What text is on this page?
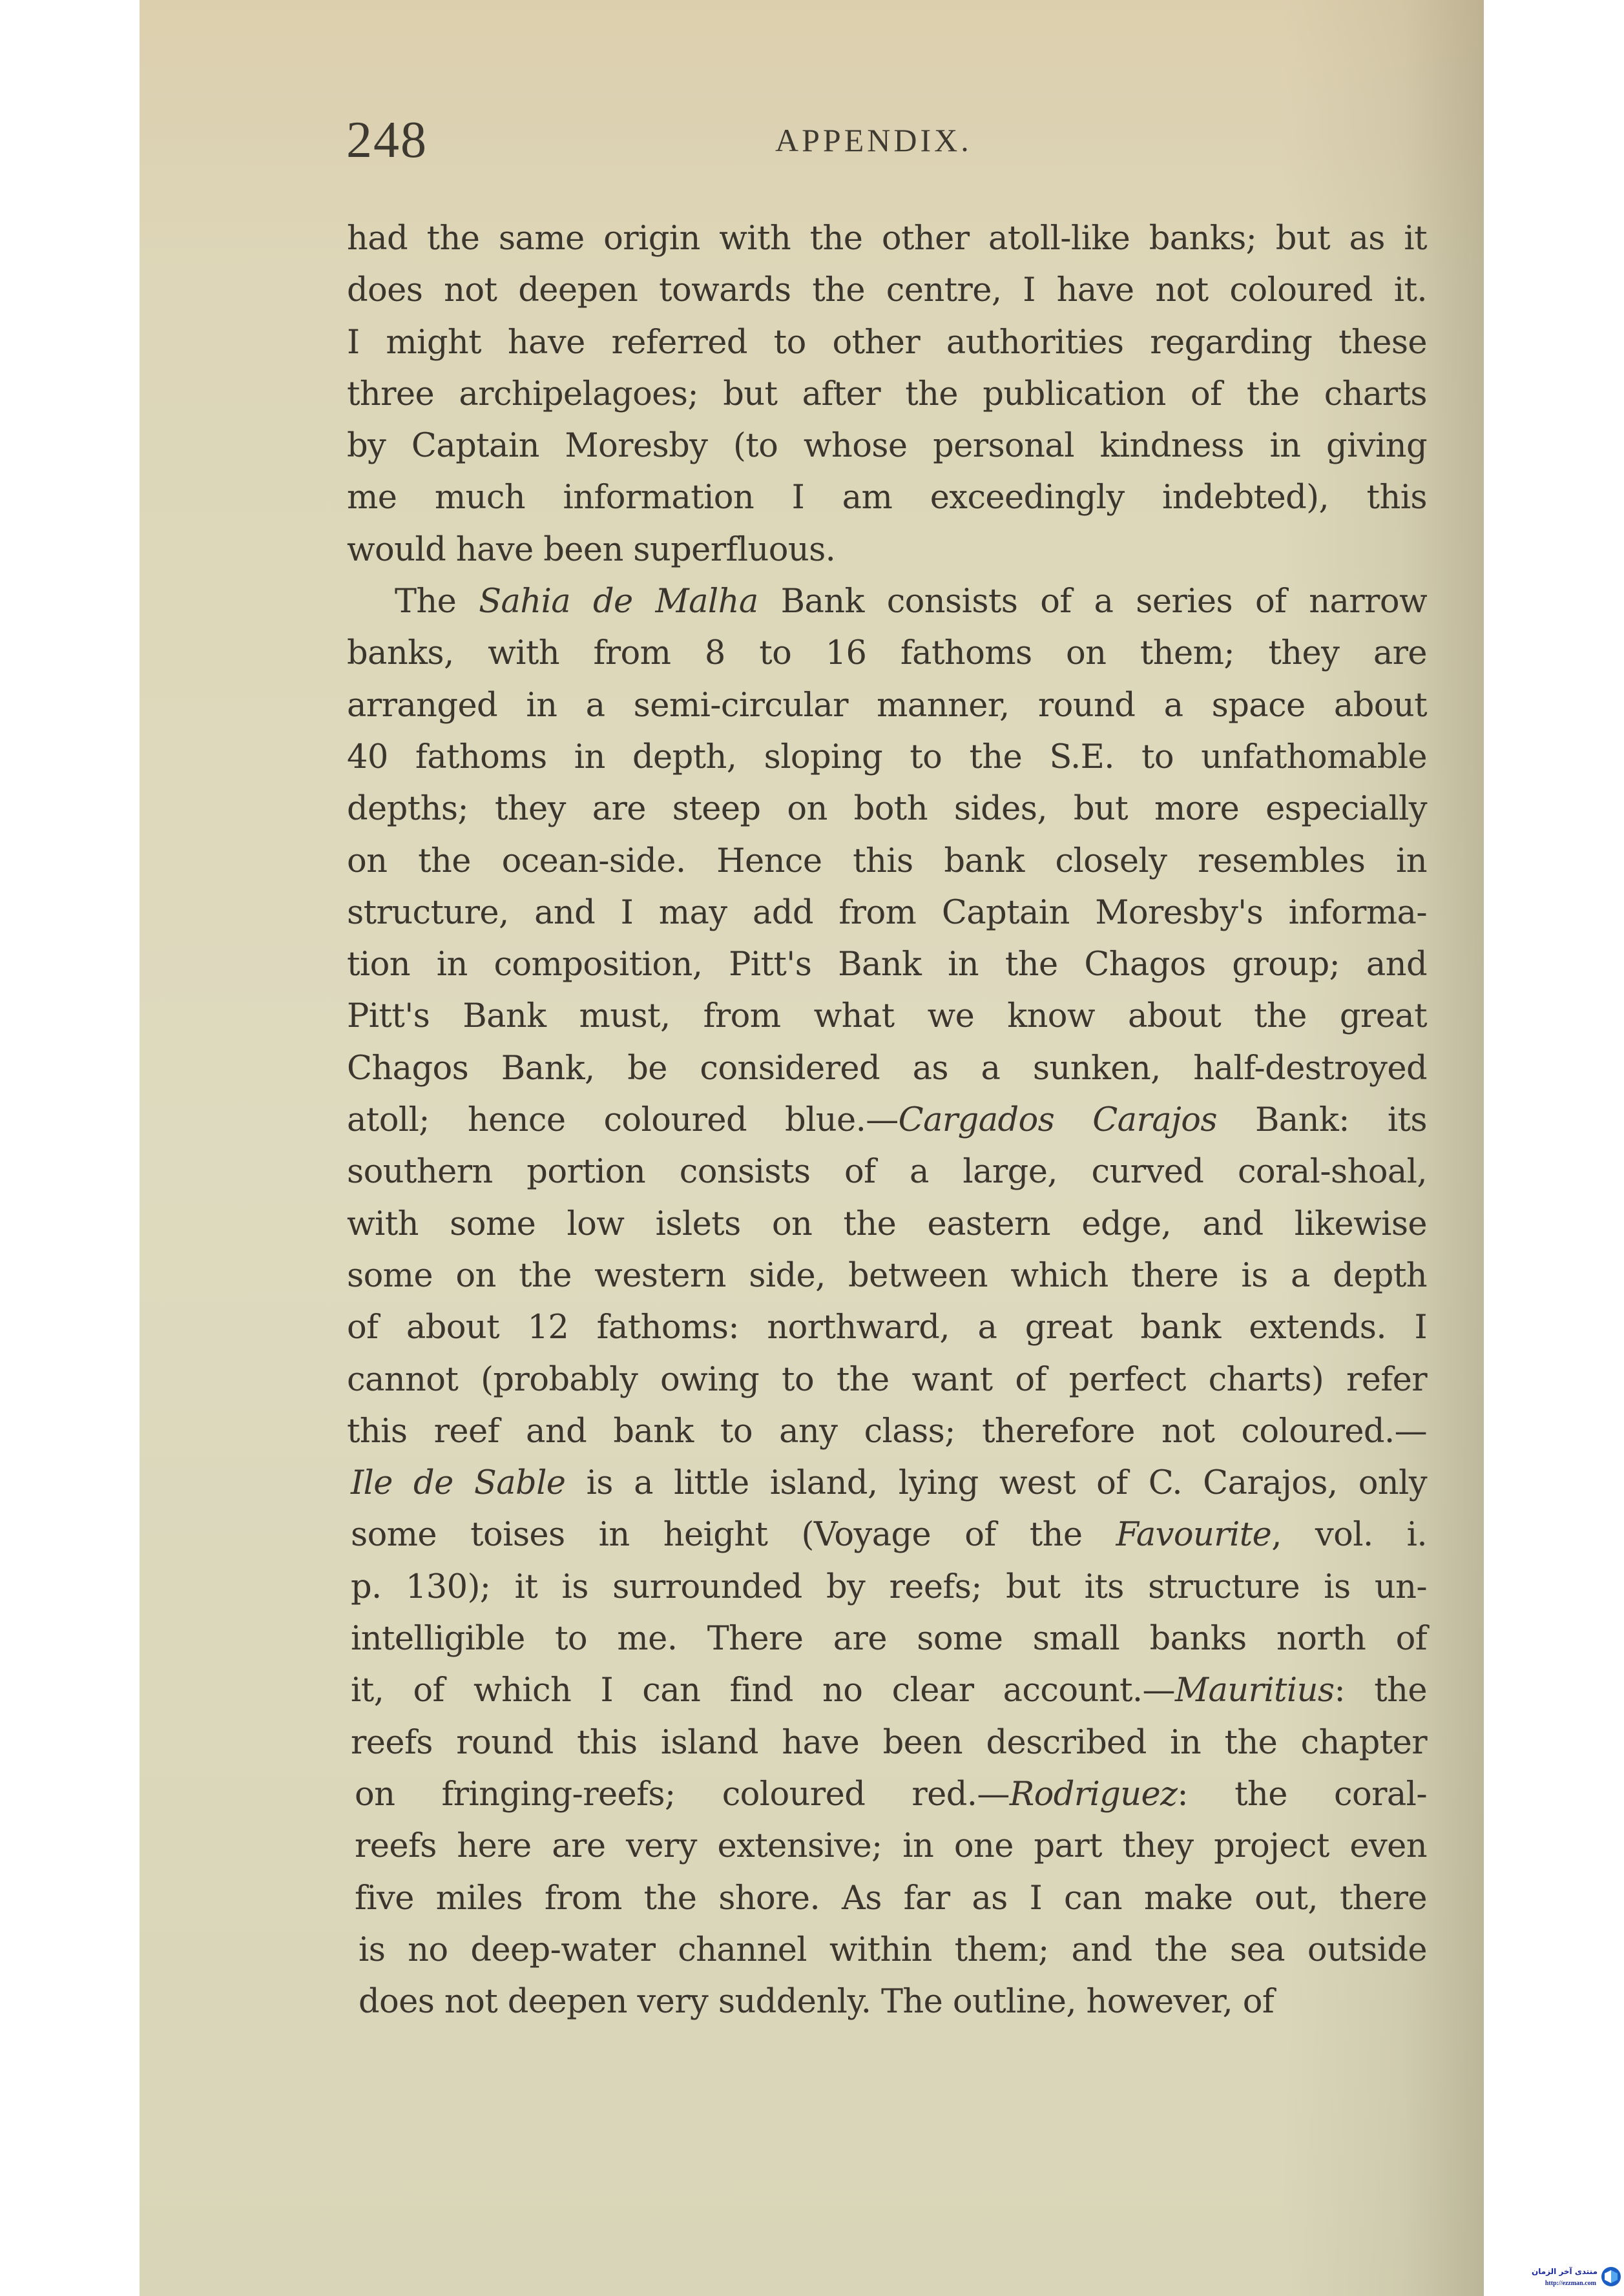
248	APPENDIX.
had the same origin with the other atoll-like banks; but as it
does not deepen towards the centre, I have not coloured it.
I might have referred to other authorities regarding these
three archipelagoes; but after the publication of the charts
by Captain Moresby (to whose personal kindness in giving
me much information I am exceedingly indebted), this
would have been superfluous.
The Sahia de Malha Bank consists of a series of narrow
banks, with from 8 to 16 fathoms on them; they are
arranged in a semi-circular manner, round a space about
40 fathoms in depth, sloping to the S.E. to unfathomable
depths; they are steep on both sides, but more especially
on the ocean-side. Hence this bank closely resembles in
structure, and I may add from Captain Moresby's informa-
tion in composition, Pitt's Bank in the Chagos group; and
Pitt's Bank must, from what we know about the great
Chagos Bank, be considered as a sunken, half-destroyed
atoll; hence coloured blue.—Cargados Carajos Bank: its
southern portion consists of a large, curved coral-shoal,
with some low islets on the eastern edge, and likewise
some on the western side, between which there is a depth
of about 12 fathoms: northward, a great bank extends. I
cannot (probably owing to the want of perfect charts) refer
this reef and bank to any class; therefore not coloured.—
Ile de Sable is a little island, lying west of C. Carajos, only
some toises in height (Voyage of the Favourite, vol. i.
p. 130); it is surrounded by reefs; but its structure is un-
intelligible to me. There are some small banks north of
it, of which I can find no clear account.—Mauritius: the
reefs round this island have been described in the chapter
on fringing-reefs; coloured red.—Rodriguez: the coral-
reefs here are very extensive; in one part they project even
five miles from the shore. As far as I can make out, there
is no deep-water channel within them; and the sea outside
does not deepen very suddenly. The outline, however, of
منتدى آخر الزمان
http://ezzman.com
